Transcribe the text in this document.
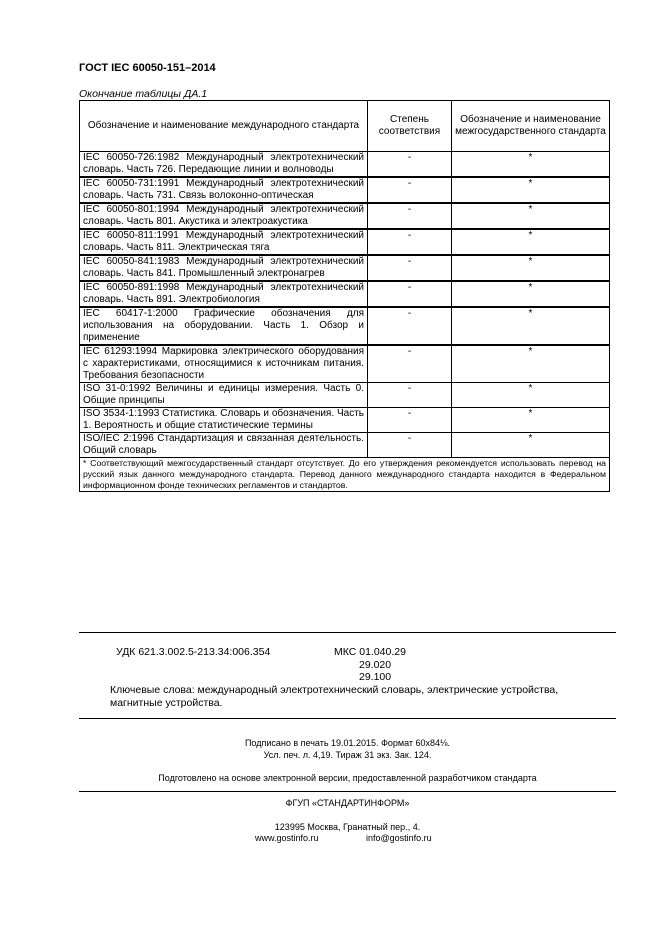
ГОСТ IEC 60050-151–2014
Окончание таблицы ДА.1
Обозначение и наименование международного стандарта	Степень соответствия	Обозначение и наименование межгосударственного стандарта
IEC 60050-726:1982 Международный электротехнический словарь. Часть 726. Передающие линии и волноводы	-	*
IEC 60050-731:1991 Международный электротехнический словарь. Часть 731. Связь волоконно-оптическая	-	*
IEC 60050-801:1994 Международный электротехнический словарь. Часть 801. Акустика и электроакустика	-	*
IEC 60050-811:1991 Международный электротехнический словарь. Часть 811. Электрическая тяга	-	*
IEC 60050-841:1983 Международный электротехнический словарь. Часть 841. Промышленный электронагрев	-	*
IEC 60050-891:1998 Международный электротехнический словарь. Часть 891. Электробиология	-	*
IEC 60417-1:2000 Графические обозначения для использования на оборудовании. Часть 1. Обзор и применение	-	*
IEC 61293:1994 Маркировка электрического оборудования с характеристиками, относящимися к источникам питания. Требования безопасности	-	*
ISO 31-0:1992 Величины и единицы измерения. Часть 0. Общие принципы	-	*
ISO 3534-1:1993 Статистика. Словарь и обозначения. Часть 1. Вероятность и общие статистические термины	-	*
ISO/IEC 2:1996 Стандартизация и связанная деятельность. Общий словарь	-	*
* Соответствующий межгосударственный стандарт отсутствует. До его утверждения рекомендуется использовать перевод на русский язык данного международного стандарта. Перевод данного международного стандарта находится в Федеральном информационном фонде технических регламентов и стандартов.		
УДК 621.3.002.5-213.34:006.354	МКС 01.040.29
29.020
29.100
Ключевые слова: международный электротехнический словарь, электрические устройства, магнитные устройства.
Подписано в печать 19.01.2015. Формат 60x84⅛.
Усл. печ. л. 4,19. Тираж 31 экз. Зак. 124.
Подготовлено на основе электронной версии, предоставленной разработчиком стандарта
ФГУП «СТАНДАРТИНФОРМ»
123995 Москва, Гранатный пер., 4.
www.gostinfo.ru	info@gostinfo.ru
